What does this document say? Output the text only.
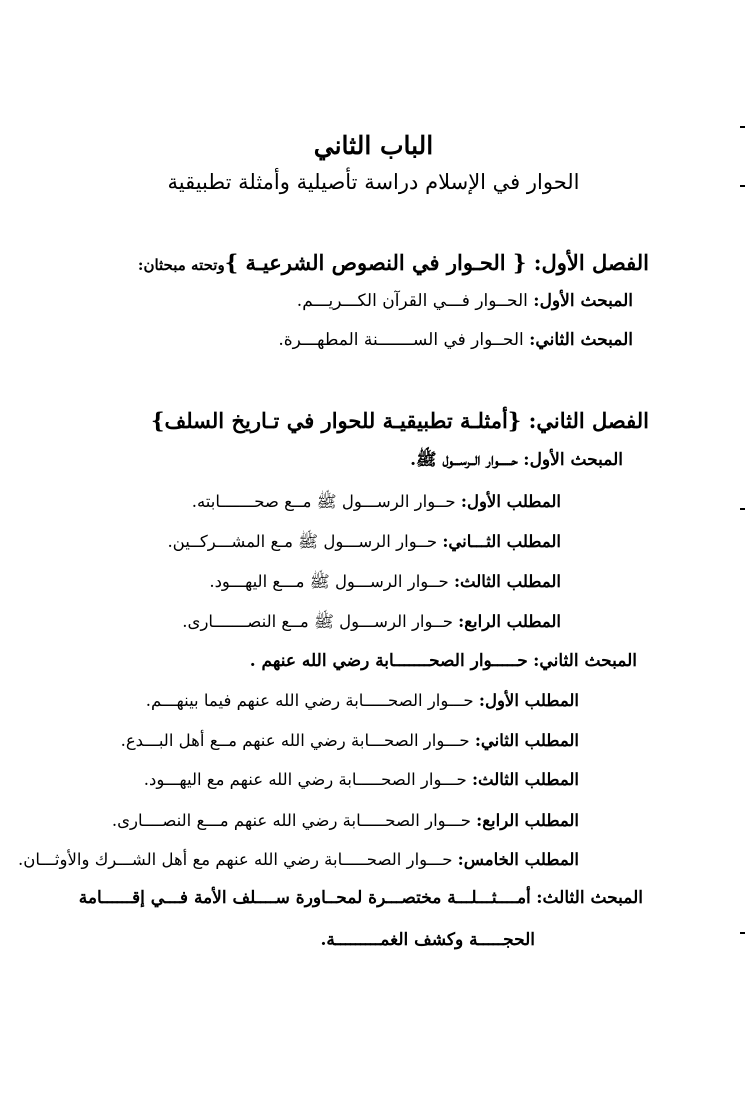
الباب الثاني
الحوار في الإسلام دراسة تأصيلية وأمثلة تطبيقية
الفصل الأول: { الحـوار في النصوص الشرعيـة }وتحته مبحثان:
المبحث الأول: الحــوار فـــي القرآن الكـــريـــم.
المبحث الثاني: الحــوار في الســـــــنة المطهـــرة.
الفصل الثاني: {أمثلـة تطبيقيـة للحوار في تـاريخ السلف}
المبحث الأول: حــــــوار الــرســـول ﷺ.
المطلب الأول: حــوار الرســـول ﷺ مــع صحـــــــابته.
المطلب الثـــاني: حــوار الرســـول ﷺ مـع المشـــركــين.
المطلب الثالث: حــوار الرســـول ﷺ مـــع اليهـــود.
المطلب الرابع: حــوار الرســـول ﷺ مــع النصـــــــارى.
المبحث الثاني: حـــــوار الصحـــــــابة رضي الله عنهم .
المطلب الأول: حـــوار الصحـــــابة رضي الله عنهم فيما بينهـــم.
المطلب الثاني: حـــوار الصحـــابة رضي الله عنهم مــع أهل البـــدع.
المطلب الثالث: حـــوار الصحـــــابة رضي الله عنهم مع اليهـــود.
المطلب الرابع: حـــوار الصحـــــابة رضي الله عنهم مـــع النصــــارى.
المطلب الخامس: حـــوار الصحـــــابة رضي الله عنهم مع أهل الشـــرك والأوثـــان.
المبحث الثالث: أمــــثـــلـــة مختصـــرة لمحــاورة ســــلف الأمة فـــي إقــــــامة
الحجـــــة وكشف الغمـــــــــة.
